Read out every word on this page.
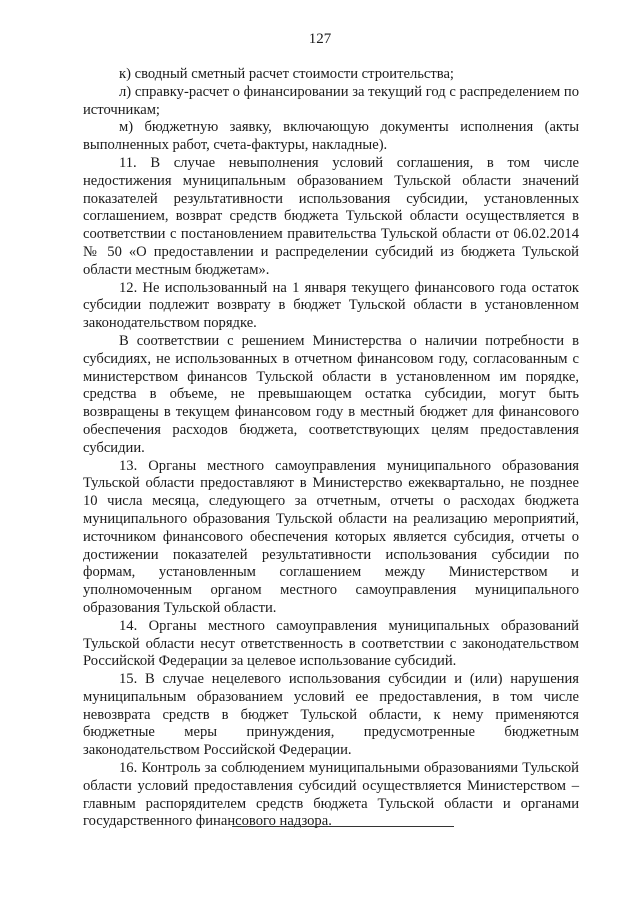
127

к) сводный сметный расчет стоимости строительства;

л) справку-расчет о финансировании за текущий год с распределением по источникам;

м) бюджетную заявку, включающую документы исполнения (акты выполненных работ, счета-фактуры, накладные).

11. В случае невыполнения условий соглашения, в том числе недостижения муниципальным образованием Тульской области значений показателей результативности использования субсидии, установленных соглашением, возврат средств бюджета Тульской области осуществляется в соответствии с постановлением правительства Тульской области от 06.02.2014 № 50 «О предоставлении и распределении субсидий из бюджета Тульской области местным бюджетам».

12. Не использованный на 1 января текущего финансового года остаток субсидии подлежит возврату в бюджет Тульской области в установленном законодательством порядке.

В соответствии с решением Министерства о наличии потребности в субсидиях, не использованных в отчетном финансовом году, согласованным с министерством финансов Тульской области в установленном им порядке, средства в объеме, не превышающем остатка субсидии, могут быть возвращены в текущем финансовом году в местный бюджет для финансового обеспечения расходов бюджета, соответствующих целям предоставления субсидии.

13. Органы местного самоуправления муниципального образования Тульской области предоставляют в Министерство ежеквартально, не позднее 10 числа месяца, следующего за отчетным, отчеты о расходах бюджета муниципального образования Тульской области на реализацию мероприятий, источником финансового обеспечения которых является субсидия, отчеты о достижении показателей результативности использования субсидии по формам, установленным соглашением между Министерством и уполномоченным органом местного самоуправления муниципального образования Тульской области.

14. Органы местного самоуправления муниципальных образований Тульской области несут ответственность в соответствии с законодательством Российской Федерации за целевое использование субсидий.

15. В случае нецелевого использования субсидии и (или) нарушения муниципальным образованием условий ее предоставления, в том числе невозврата средств в бюджет Тульской области, к нему применяются бюджетные меры принуждения, предусмотренные бюджетным законодательством Российской Федерации.

16. Контроль за соблюдением муниципальными образованиями Тульской области условий предоставления субсидий осуществляется Министерством – главным распорядителем средств бюджета Тульской области и органами государственного финансового надзора.
